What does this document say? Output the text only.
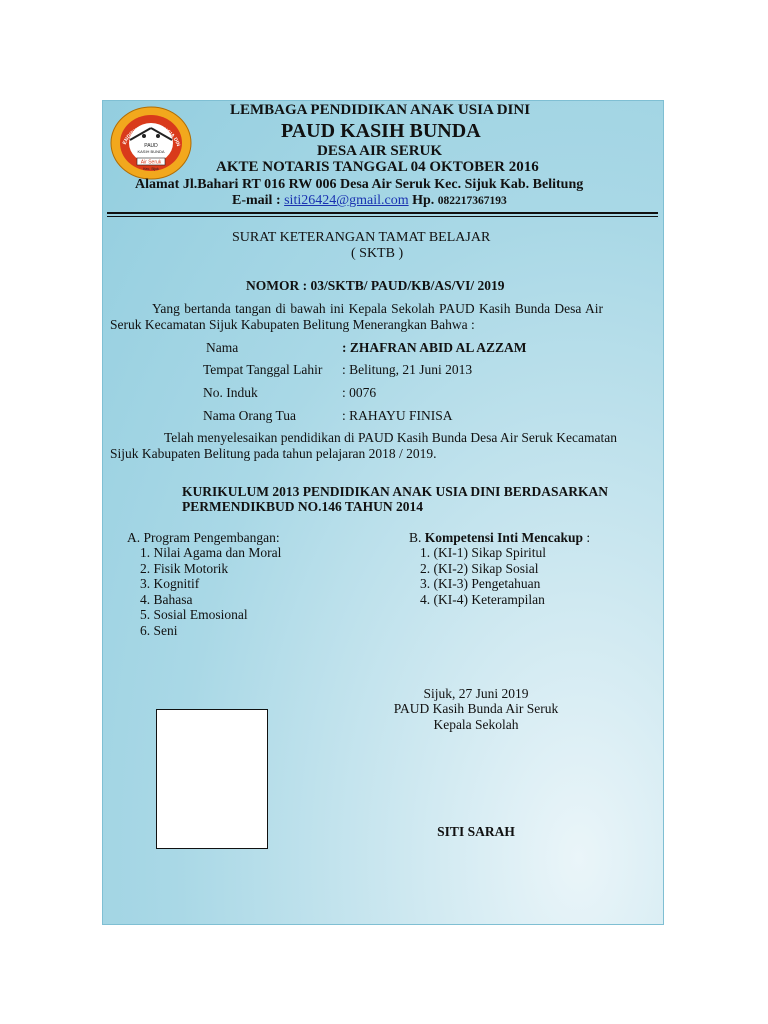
PAUD
KASIH BUNDA
Air Seruk
Kec. Sijuk
ENDIDIKAN ANAK USIA DIN
LEMBAGA PENDIDIKAN ANAK USIA DINI
PAUD KASIH BUNDA
DESA AIR SERUK
AKTE NOTARIS TANGGAL 04 OKTOBER 2016
Alamat Jl.Bahari RT 016 RW 006 Desa Air Seruk Kec. Sijuk Kab. Belitung
E-mail : siti26424@gmail.com Hp. 082217367193
SURAT KETERANGAN TAMAT BELAJAR
( SKTB )
NOMOR : 03/SKTB/ PAUD/KB/AS/VI/ 2019
Yang bertanda tangan di bawah ini Kepala Sekolah PAUD Kasih Bunda Desa Air
Seruk Kecamatan Sijuk Kabupaten Belitung Menerangkan Bahwa :
Nama	: ZHAFRAN ABID AL AZZAM
Tempat Tanggal Lahir : Belitung, 21 Juni 2013
No. Induk	: 0076
Nama Orang Tua	: RAHAYU FINISA
Telah menyelesaikan pendidikan di PAUD Kasih Bunda Desa Air Seruk Kecamatan
Sijuk Kabupaten Belitung pada tahun pelajaran 2018 / 2019.
KURIKULUM 2013 PENDIDIKAN ANAK USIA DINI BERDASARKAN
PERMENDIKBUD NO.146 TAHUN 2014
A. Program Pengembangan:
1. Nilai Agama dan Moral
2. Fisik Motorik
3. Kognitif
4. Bahasa
5. Sosial Emosional
6. Seni
B. Kompetensi Inti Mencakup :
1. (KI-1) Sikap Spiritul
2. (KI-2) Sikap Sosial
3. (KI-3) Pengetahuan
4. (KI-4) Keterampilan
Sijuk, 27 Juni 2019
PAUD Kasih Bunda Air Seruk
Kepala Sekolah
SITI SARAH
